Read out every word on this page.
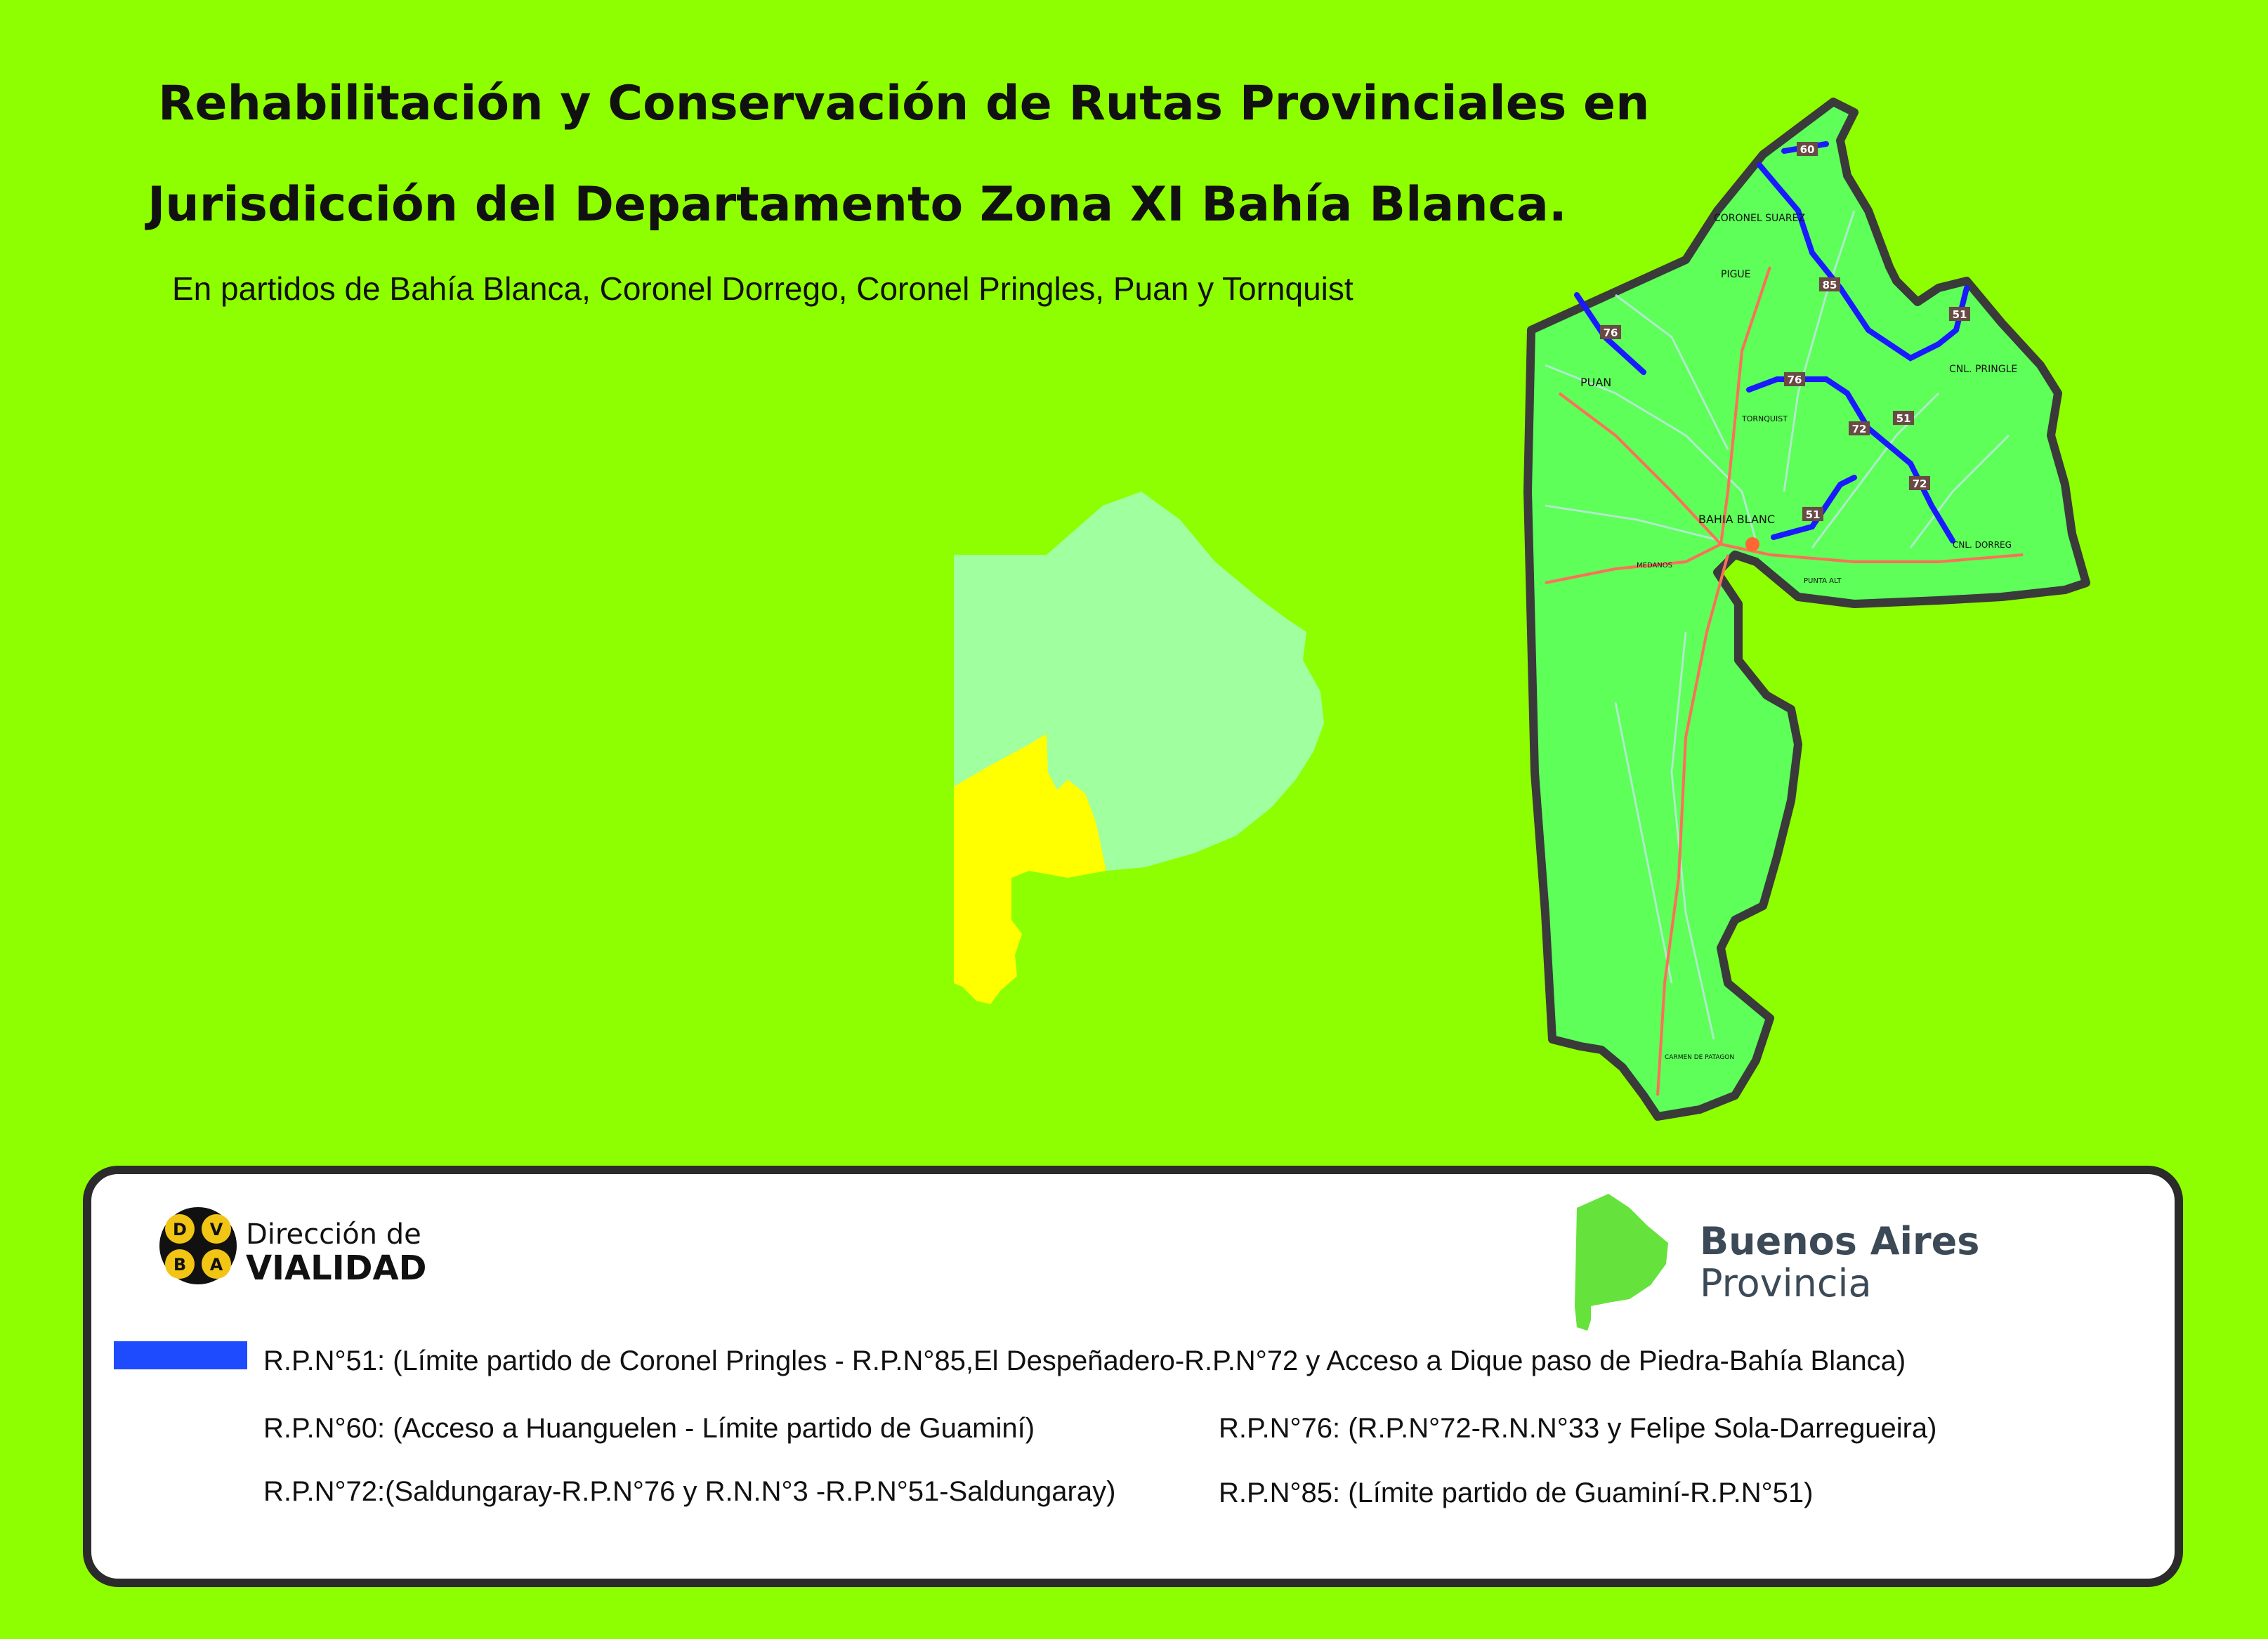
Rehabilitación y Conservación de Rutas Provinciales en
Jurisdicción del Departamento Zona XI Bahía Blanca.
En partidos de Bahía Blanca, Coronel Dorrego, Coronel Pringles, Puan y Tornquist
60
85
51
76
76
72
51
72
51
CORONEL SUAREZ
PIGUE
PUAN
CNL. PRINGLE
TORNQUIST
BAHIA BLANC
CNL. DORREG
MEDANOS
PUNTA ALT
CARMEN DE PATAGON
D V
B A
Dirección de
VIALIDAD
Buenos Aires
Provincia
R.P.N°51: (Límite partido de Coronel Pringles - R.P.N°85,El Despeñadero-R.P.N°72 y Acceso a Dique paso de Piedra-Bahía Blanca)
R.P.N°60: (Acceso a Huanguelen - Límite partido de Guaminí)	R.P.N°76: (R.P.N°72-R.N.N°33 y Felipe Sola-Darregueira)
R.P.N°72:(Saldungaray-R.P.N°76 y R.N.N°3 -R.P.N°51-Saldungaray)	R.P.N°85: (Límite partido de Guaminí-R.P.N°51)
